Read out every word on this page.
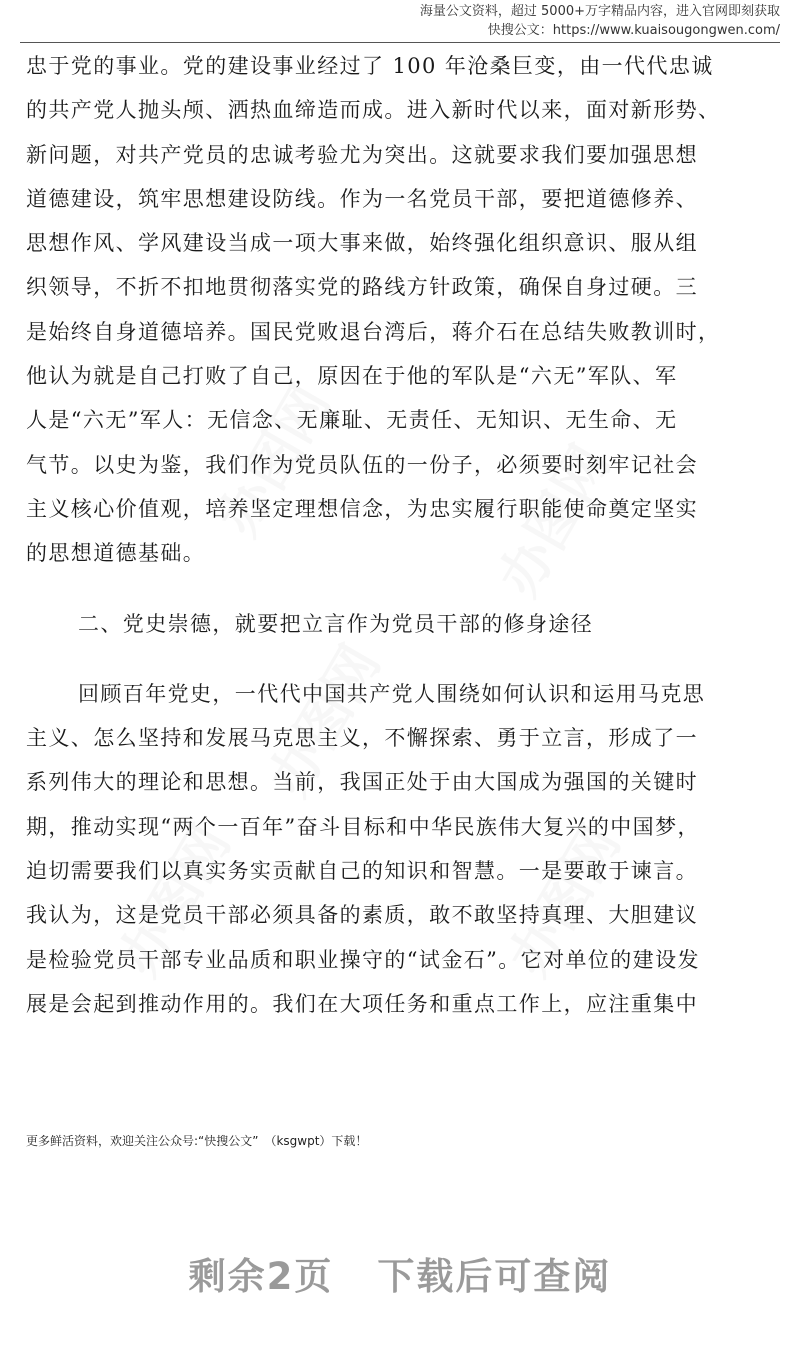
海量公文资料，超过 5000+万字精品内容，进入官网即刻获取
快搜公文：https://www.kuaisougongwen.com/
办图网	办图网
办图网
办图网	办图网
忠于党的事业。党的建设事业经过了 100 年沧桑巨变，由一代代忠诚
的共产党人抛头颅、洒热血缔造而成。进入新时代以来，面对新形势、
新问题，对共产党员的忠诚考验尤为突出。这就要求我们要加强思想
道德建设，筑牢思想建设防线。作为一名党员干部，要把道德修养、
思想作风、学风建设当成一项大事来做，始终强化组织意识、服从组
织领导，不折不扣地贯彻落实党的路线方针政策，确保自身过硬。三
是始终自身道德培养。国民党败退台湾后，蒋介石在总结失败教训时，
他认为就是自己打败了自己，原因在于他的军队是“六无”军队、军
人是“六无”军人：无信念、无廉耻、无责任、无知识、无生命、无
气节。以史为鉴，我们作为党员队伍的一份子，必须要时刻牢记社会
主义核心价值观，培养坚定理想信念，为忠实履行职能使命奠定坚实
的思想道德基础。
二、党史崇德，就要把立言作为党员干部的修身途径
回顾百年党史，一代代中国共产党人围绕如何认识和运用马克思
主义、怎么坚持和发展马克思主义，不懈探索、勇于立言，形成了一
系列伟大的理论和思想。当前，我国正处于由大国成为强国的关键时
期，推动实现“两个一百年”奋斗目标和中华民族伟大复兴的中国梦，
迫切需要我们以真实务实贡献自己的知识和智慧。一是要敢于谏言。
我认为，这是党员干部必须具备的素质，敢不敢坚持真理、大胆建议
是检验党员干部专业品质和职业操守的“试金石”。它对单位的建设发
展是会起到推动作用的。我们在大项任务和重点工作上，应注重集中
更多鲜活资料，欢迎关注公众号:“快搜公文”　（ksgwpt）下载！
剩余2页 下载后可查阅
